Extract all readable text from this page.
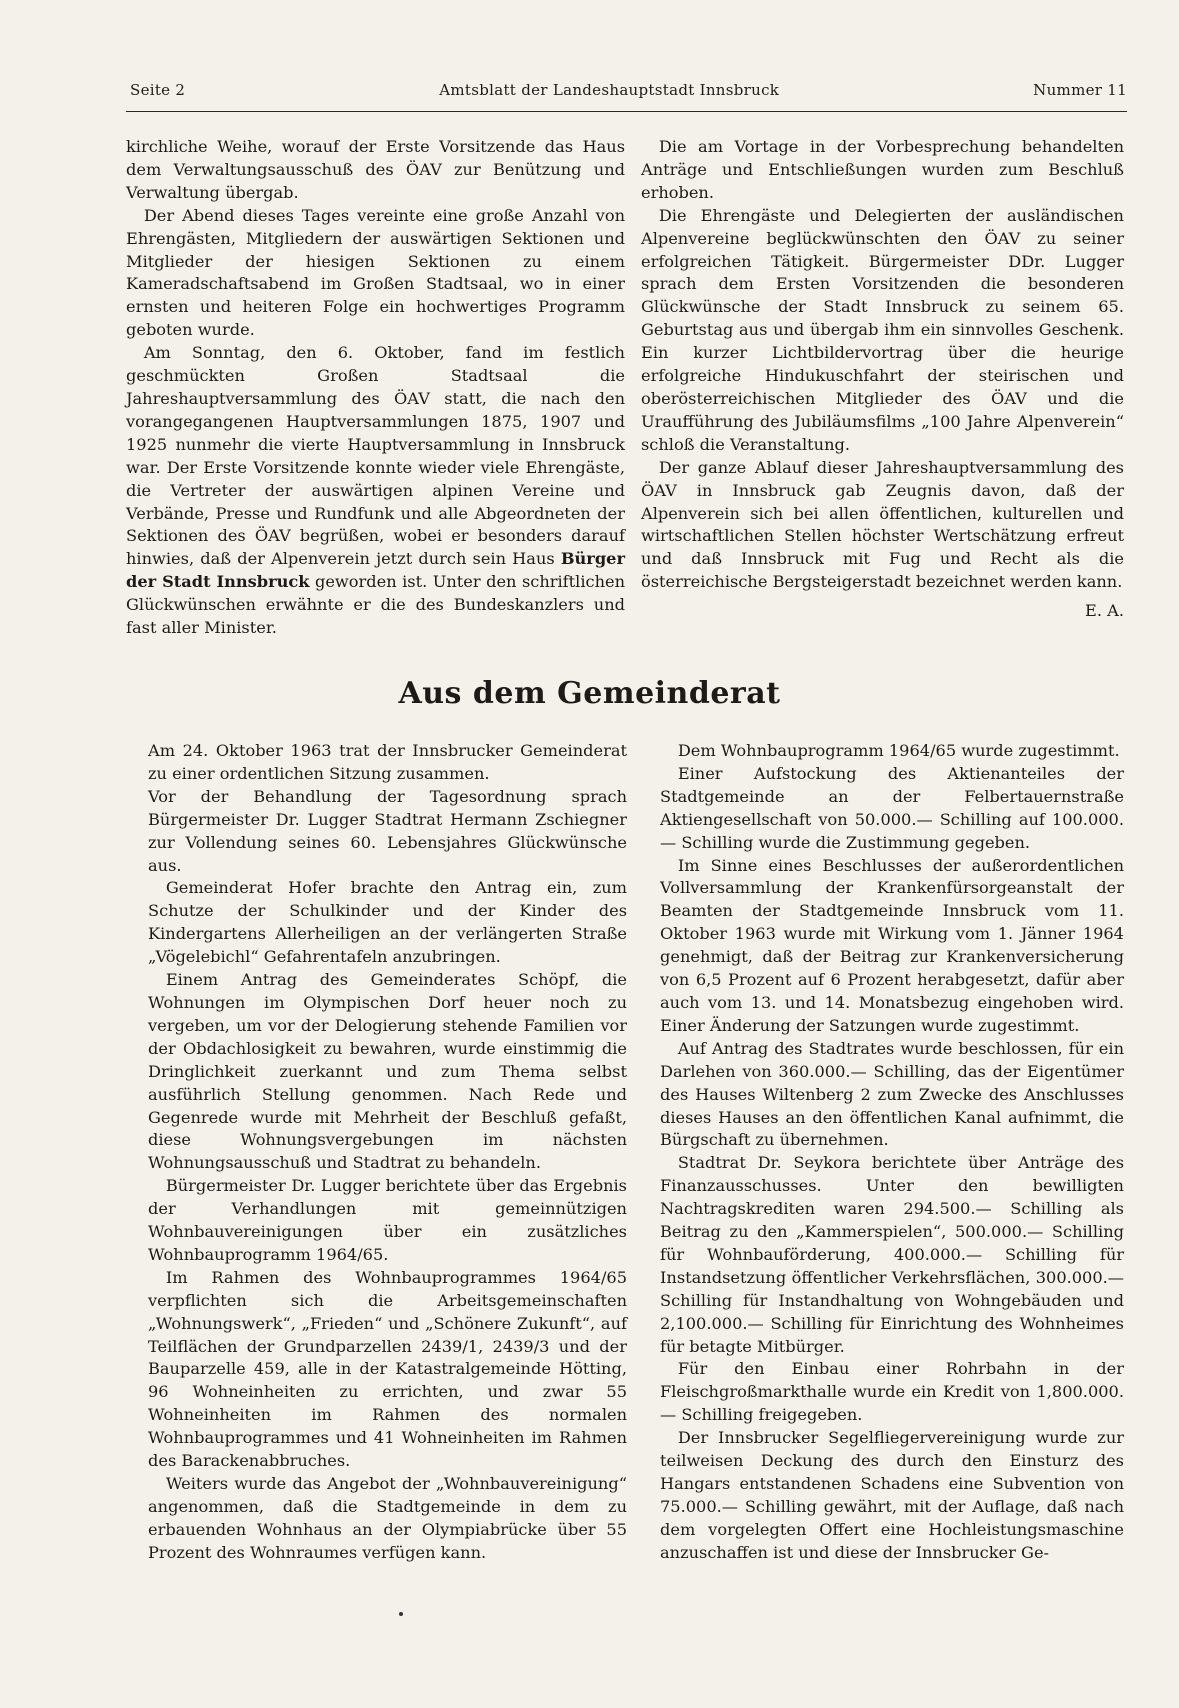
Seite 2	Amtsblatt der Landeshauptstadt Innsbruck	Nummer 11

kirchliche Weihe, worauf der Erste Vorsitzende das Haus dem Verwaltungsausschuß des ÖAV zur Benützung und Verwaltung übergab.

Der Abend dieses Tages vereinte eine große Anzahl von Ehrengästen, Mitgliedern der auswärtigen Sektionen und Mitglieder der hiesigen Sektionen zu einem Kameradschaftsabend im Großen Stadtsaal, wo in einer ernsten und heiteren Folge ein hochwertiges Programm geboten wurde.

Am Sonntag, den 6. Oktober, fand im festlich geschmückten Großen Stadtsaal die Jahreshauptversammlung des ÖAV statt, die nach den vorangegangenen Hauptversammlungen 1875, 1907 und 1925 nunmehr die vierte Hauptversammlung in Innsbruck war. Der Erste Vorsitzende konnte wieder viele Ehrengäste, die Vertreter der auswärtigen alpinen Vereine und Verbände, Presse und Rundfunk und alle Abgeordneten der Sektionen des ÖAV begrüßen, wobei er besonders darauf hinwies, daß der Alpenverein jetzt durch sein Haus Bürger der Stadt Innsbruck geworden ist. Unter den schriftlichen Glückwünschen erwähnte er die des Bundeskanzlers und fast aller Minister.

Die am Vortage in der Vorbesprechung behandelten Anträge und Entschließungen wurden zum Beschluß erhoben.

Die Ehrengäste und Delegierten der ausländischen Alpenvereine beglückwünschten den ÖAV zu seiner erfolgreichen Tätigkeit. Bürgermeister DDr. Lugger sprach dem Ersten Vorsitzenden die besonderen Glückwünsche der Stadt Innsbruck zu seinem 65. Geburtstag aus und übergab ihm ein sinnvolles Geschenk. Ein kurzer Lichtbildervortrag über die heurige erfolgreiche Hindukuschfahrt der steirischen und oberösterreichischen Mitglieder des ÖAV und die Uraufführung des Jubiläumsfilms „100 Jahre Alpenverein“ schloß die Veranstaltung.

Der ganze Ablauf dieser Jahreshauptversammlung des ÖAV in Innsbruck gab Zeugnis davon, daß der Alpenverein sich bei allen öffentlichen, kulturellen und wirtschaftlichen Stellen höchster Wertschätzung erfreut und daß Innsbruck mit Fug und Recht als die österreichische Bergsteigerstadt bezeichnet werden kann.

E. A.

Aus dem Gemeinderat

Am 24. Oktober 1963 trat der Innsbrucker Gemeinderat zu einer ordentlichen Sitzung zusammen.

Vor der Behandlung der Tagesordnung sprach Bürgermeister Dr. Lugger Stadtrat Hermann Zschiegner zur Vollendung seines 60. Lebensjahres Glückwünsche aus.

Gemeinderat Hofer brachte den Antrag ein, zum Schutze der Schulkinder und der Kinder des Kindergartens Allerheiligen an der verlängerten Straße „Vögelebichl“ Gefahrentafeln anzubringen.

Einem Antrag des Gemeinderates Schöpf, die Wohnungen im Olympischen Dorf heuer noch zu vergeben, um vor der Delogierung stehende Familien vor der Obdachlosigkeit zu bewahren, wurde einstimmig die Dringlichkeit zuerkannt und zum Thema selbst ausführlich Stellung genommen. Nach Rede und Gegenrede wurde mit Mehrheit der Beschluß gefaßt, diese Wohnungsvergebungen im nächsten Wohnungsausschuß und Stadtrat zu behandeln.

Bürgermeister Dr. Lugger berichtete über das Ergebnis der Verhandlungen mit gemeinnützigen Wohnbauvereinigungen über ein zusätzliches Wohnbauprogramm 1964/65.

Im Rahmen des Wohnbauprogrammes 1964/65 verpflichten sich die Arbeitsgemeinschaften „Wohnungswerk“, „Frieden“ und „Schönere Zukunft“, auf Teilflächen der Grundparzellen 2439/1, 2439/3 und der Bauparzelle 459, alle in der Katastralgemeinde Hötting, 96 Wohneinheiten zu errichten, und zwar 55 Wohneinheiten im Rahmen des normalen Wohnbauprogrammes und 41 Wohneinheiten im Rahmen des Barackenabbruches.

Weiters wurde das Angebot der „Wohnbauvereinigung“ angenommen, daß die Stadtgemeinde in dem zu erbauenden Wohnhaus an der Olympiabrücke über 55 Prozent des Wohnraumes verfügen kann.

Dem Wohnbauprogramm 1964/65 wurde zugestimmt.

Einer Aufstockung des Aktienanteiles der Stadtgemeinde an der Felbertauernstraße Aktiengesellschaft von 50.000.— Schilling auf 100.000.— Schilling wurde die Zustimmung gegeben.

Im Sinne eines Beschlusses der außerordentlichen Vollversammlung der Krankenfürsorgeanstalt der Beamten der Stadtgemeinde Innsbruck vom 11. Oktober 1963 wurde mit Wirkung vom 1. Jänner 1964 genehmigt, daß der Beitrag zur Krankenversicherung von 6,5 Prozent auf 6 Prozent herabgesetzt, dafür aber auch vom 13. und 14. Monatsbezug eingehoben wird. Einer Änderung der Satzungen wurde zugestimmt.

Auf Antrag des Stadtrates wurde beschlossen, für ein Darlehen von 360.000.— Schilling, das der Eigentümer des Hauses Wiltenberg 2 zum Zwecke des Anschlusses dieses Hauses an den öffentlichen Kanal aufnimmt, die Bürgschaft zu übernehmen.

Stadtrat Dr. Seykora berichtete über Anträge des Finanzausschusses. Unter den bewilligten Nachtragskrediten waren 294.500.— Schilling als Beitrag zu den „Kammerspielen“, 500.000.— Schilling für Wohnbauförderung, 400.000.— Schilling für Instandsetzung öffentlicher Verkehrsflächen, 300.000.— Schilling für Instandhaltung von Wohngebäuden und 2,100.000.— Schilling für Einrichtung des Wohnheimes für betagte Mitbürger.

Für den Einbau einer Rohrbahn in der Fleischgroßmarkthalle wurde ein Kredit von 1,800.000.— Schilling freigegeben.

Der Innsbrucker Segelfliegervereinigung wurde zur teilweisen Deckung des durch den Einsturz des Hangars entstandenen Schadens eine Subvention von 75.000.— Schilling gewährt, mit der Auflage, daß nach dem vorgelegten Offert eine Hochleistungsmaschine anzuschaffen ist und diese der Innsbrucker Ge-
